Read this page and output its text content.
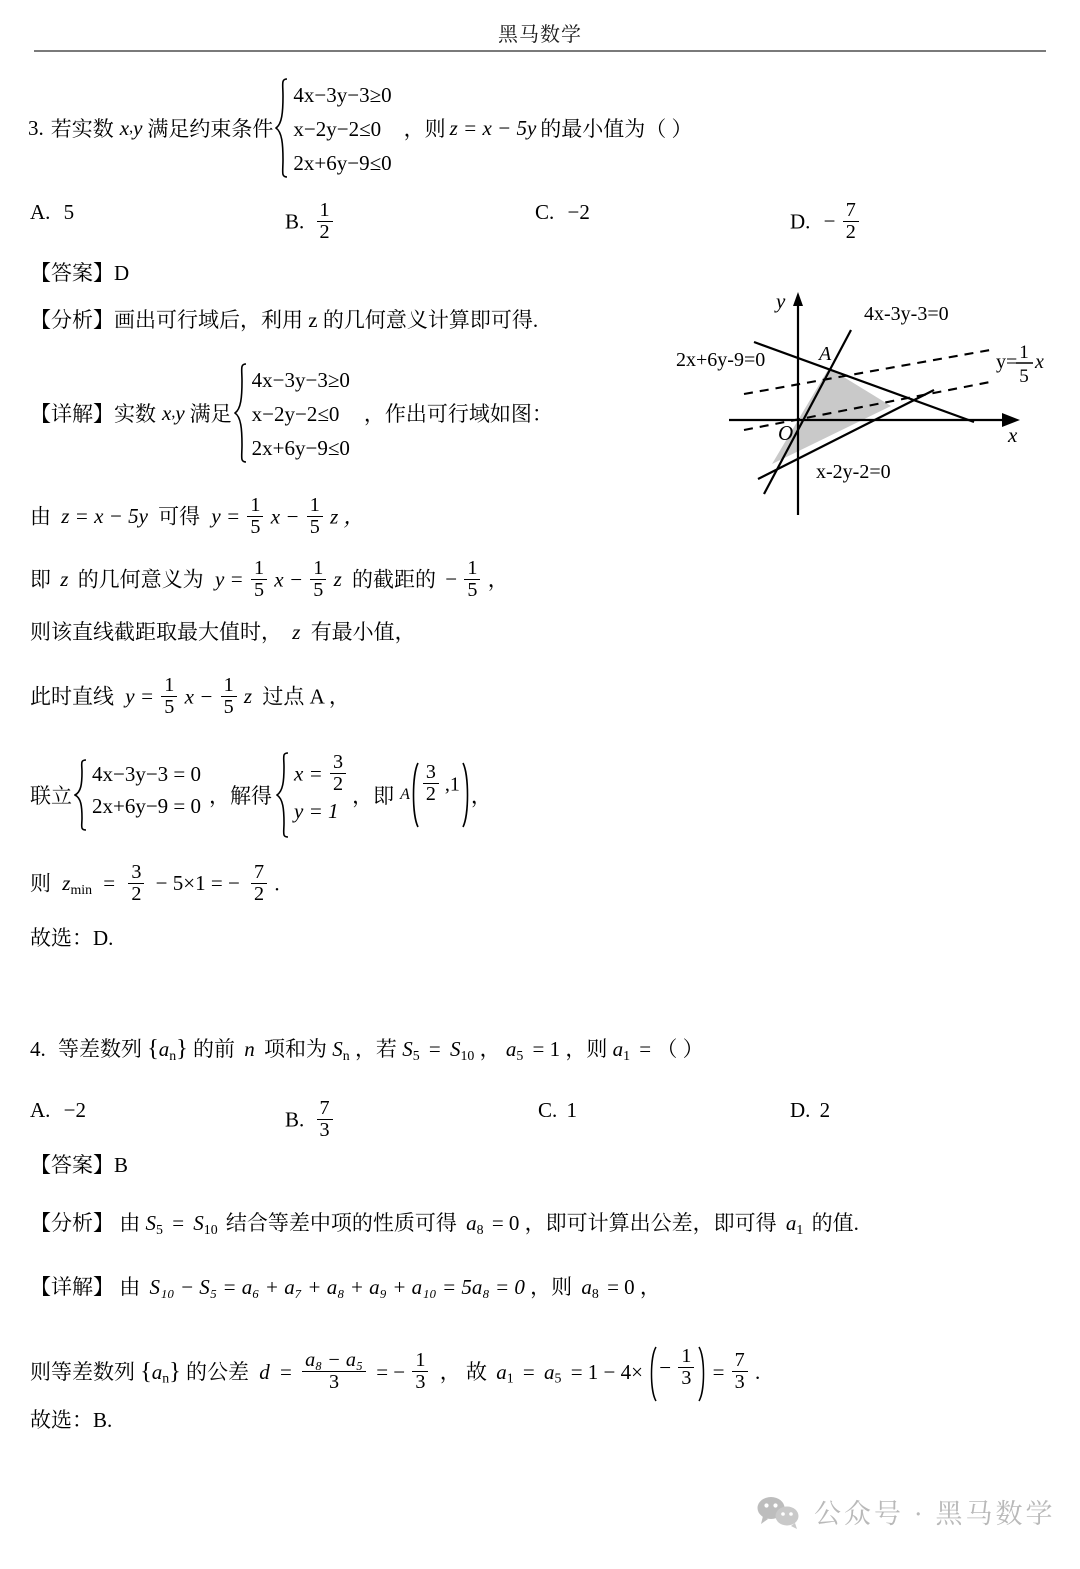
黑马数学
3. 若实数 x , y 满足约束条件
4x−3y−3≥0
x−2y−2≤0
2x+6y−9≤0
， 则 z = x − 5y 的最小值为（ ）
A. 5	B. $\frac{1}{2}$	C. −2	D. − $\frac{7}{2}$
【答案】D
【分析】画出可行域后，利用 z 的几何意义计算即可得.
【详解】 实数 x , y 满足
4x−3y−3≥0
x−2y−2≤0
2x+6y−9≤0
，作出可行域如图：
由 z = x − 5y 可得 $y = \frac{1}{5}$ $x - \frac{1}{5}$ z ，
即 z 的几何意义为 $y = \frac{1}{5}$ $x - \frac{1}{5}$ z 的截距的 − $\frac{1}{5}$ ，
则该直线截距取最大值时， z 有最小值，
此时直线 $y = \frac{1}{5}$ $x - \frac{1}{5}$ z 过点 A ，
联立
4x−3y−3 = 0
2x+6y−9 = 0 ，解得
$x = \frac{3}{2}$
y = 1
，即 A $\frac{3}{2} ,1$ ，
则 $z_{min} = \frac{3}{2} - 5\times 1$ = − $\frac{7}{2}$ .
故选：D.
y
x
O
A
4x-3y-3=0
2x+6y-9=0
x-2y-2=0
y= 1
5
x
4. 等差数列 $\{a_n\}$ 的前 n 项和为 $S_n$ ，若 $S_5 = S_{10}$ ， $a_5 = 1$ ，则 $a_1$ = （ ）
A. −2	B. $\frac{7}{3}$	C. 1	D. 2
【答案】B
【分析】 由 $S_5 = S_{10}$ 结合等差中项的性质可得 $a_8 = 0$ ，即可计算出公差，即可得 $a_1$ 的值.
【详解】 由 S₁₀ − S₅ = a₆ + a₇ + a₈ + a₉ + a₁₀ = 5a₈ = 0 ，则 $a_8 = 0$ ，
则等差数列 $\{a_n\}$ 的公差 $d = \frac{\text{a₈ − a₅}}{3}$ = − $\frac{1}{3}$ ， 故 $a_1 = a_5 = 1 - 4\times - \frac{1}{3} = \frac{7}{3}$ .
故选：B.
公众号 · 黑马数学
